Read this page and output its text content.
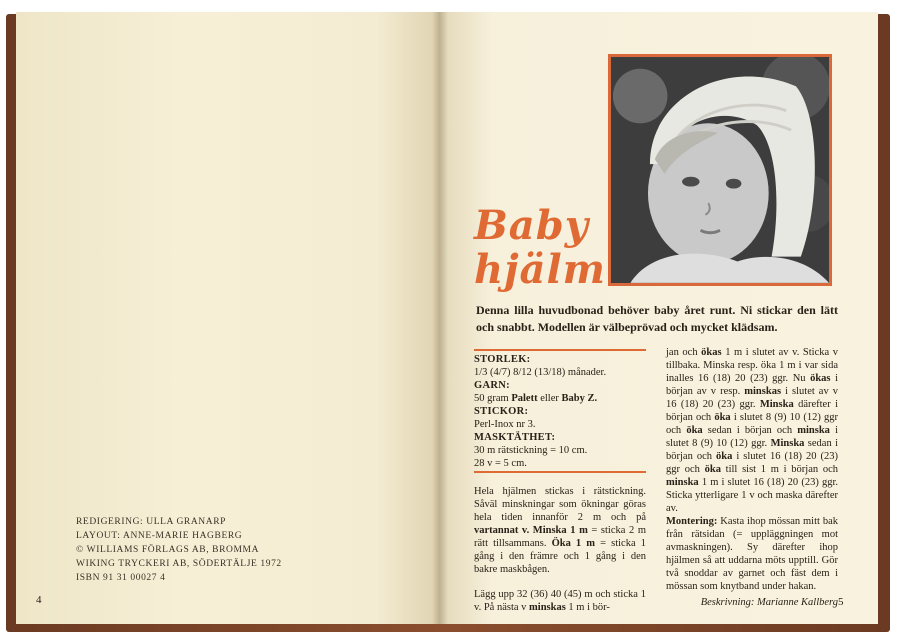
REDIGERING: ULLA GRANARP
LAYOUT: ANNE-MARIE HAGBERG
© WILLIAMS FÖRLAGS AB, BROMMA
WIKING TRYCKERI AB, SÖDERTÄLJE 1972
ISBN 91 31 00027 4
4
Baby
hjälm
Denna lilla huvudbonad behöver baby året runt. Ni stickar den lätt och snabbt. Modellen är välbeprövad och mycket klädsam.
STORLEK:
1/3 (4/7) 8/12 (13/18) månader.
GARN:
50 gram Palett eller Baby Z.
STICKOR:
Perl-Inox nr 3.
MASKTÄTHET:
30 m rätstickning = 10 cm.
28 v = 5 cm.
Hela hjälmen stickas i rätstickning. Såväl minskningar som ökningar göras hela tiden innanför 2 m och på vartannat v. Minska 1 m = sticka 2 m rätt tillsammans. Öka 1 m = sticka 1 gång i den främre och 1 gång i den bakre maskbågen.
Lägg upp 32 (36) 40 (45) m och sticka 1 v. På nästa v minskas 1 m i bör-
jan och ökas 1 m i slutet av v. Sticka v tillbaka. Minska resp. öka 1 m i var sida inalles 16 (18) 20 (23) ggr. Nu ökas i början av v resp. minskas i slutet av v 16 (18) 20 (23) ggr. Minska därefter i början och öka i slutet 8 (9) 10 (12) ggr och öka sedan i början och minska i slutet 8 (9) 10 (12) ggr. Minska sedan i början och öka i slutet 16 (18) 20 (23) ggr och öka till sist 1 m i början och minska 1 m i slutet 16 (18) 20 (23) ggr. Sticka ytterligare 1 v och maska därefter av.
Montering: Kasta ihop mössan mitt bak från rätsidan (= uppläggningen mot avmaskningen). Sy därefter ihop hjälmen så att uddarna möts upptill. Gör två snoddar av garnet och fäst dem i mössan som knytband under hakan.
Beskrivning: Marianne Kallberg 5
